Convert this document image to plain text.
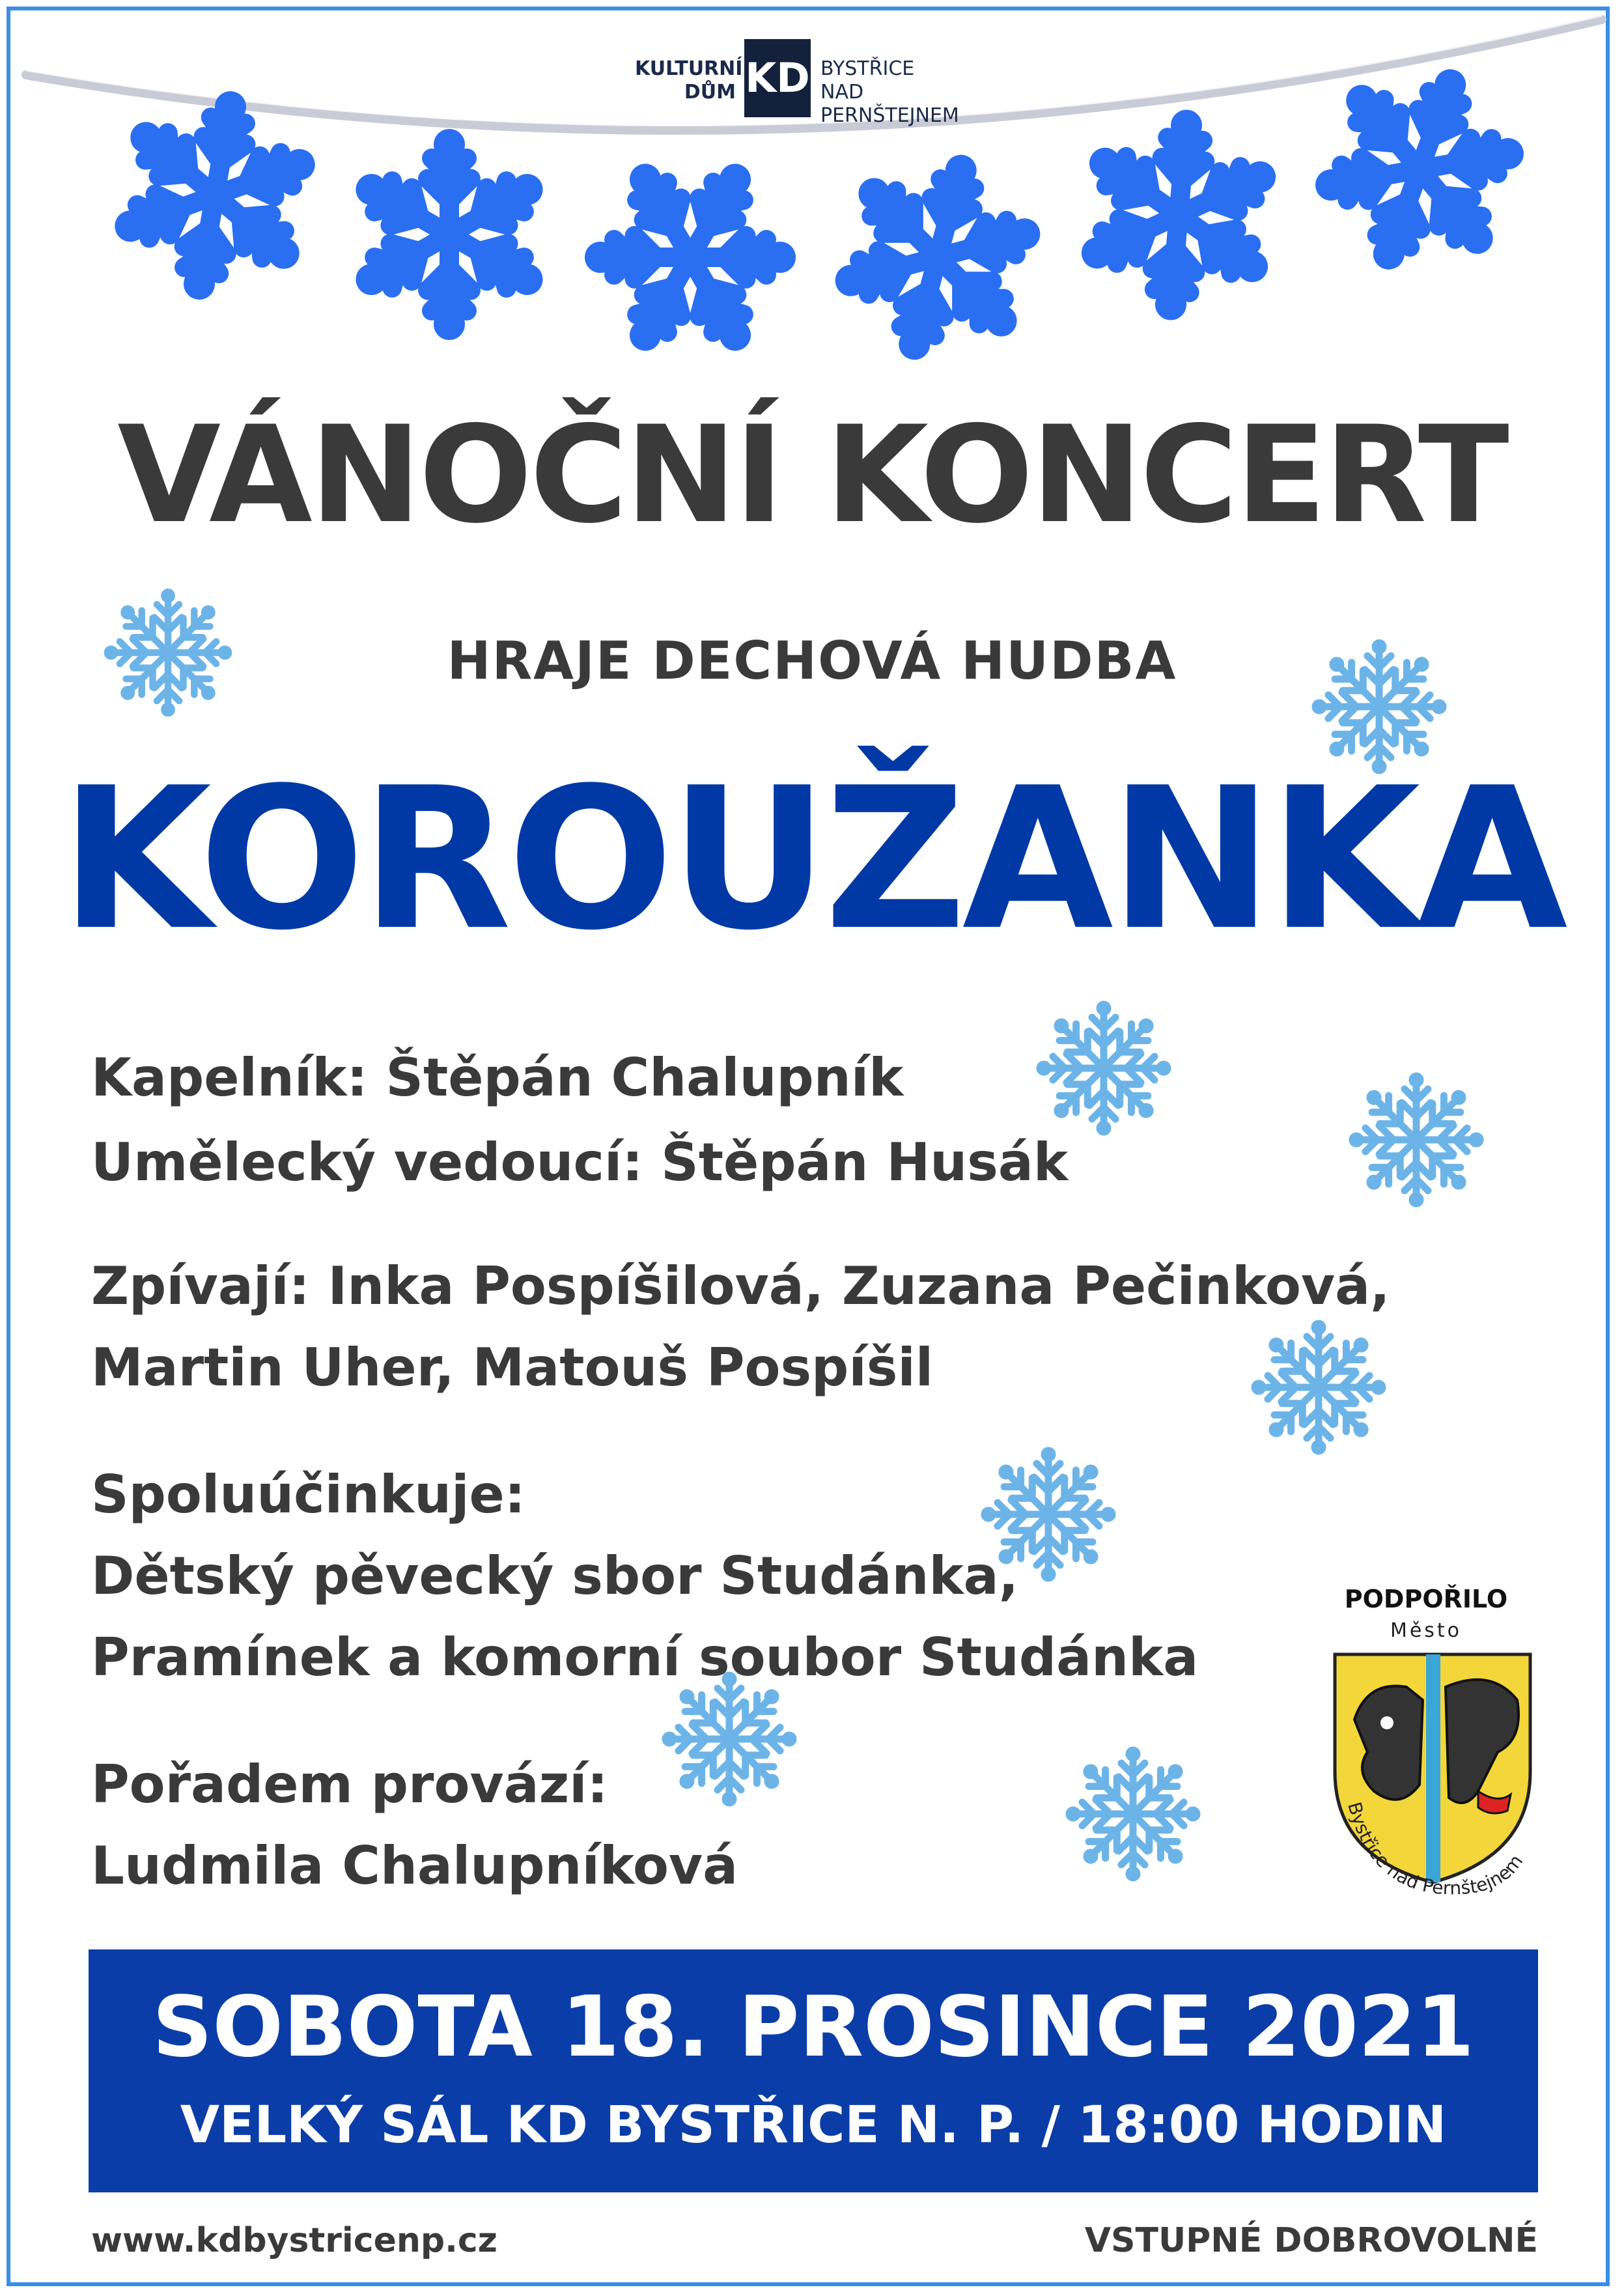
KULTURNÍ
DŮM KD BYSTŘICE
NAD PERNŠTEJNEM
VÁNOČNÍ KONCERT
HRAJE DECHOVÁ HUDBA
KOROUŽANKA
Kapelník: Štěpán Chalupník
Umělecký vedoucí: Štěpán Husák
Zpívají: Inka Pospíšilová, Zuzana Pečinková,
Martin Uher, Matouš Pospíšil
Spoluúčinkuje:
Dětský pěvecký sbor Studánka,
Pramínek a komorní soubor Studánka
Pořadem provází:
Ludmila Chalupníková
PODPOŘILO
Město
Bystřice nad Pernštejnem
SOBOTA 18. PROSINCE 2021
VELKÝ SÁL KD BYSTŘICE N. P. / 18:00 HODIN
www.kdbystricenp.cz	VSTUPNÉ DOBROVOLNÉ
